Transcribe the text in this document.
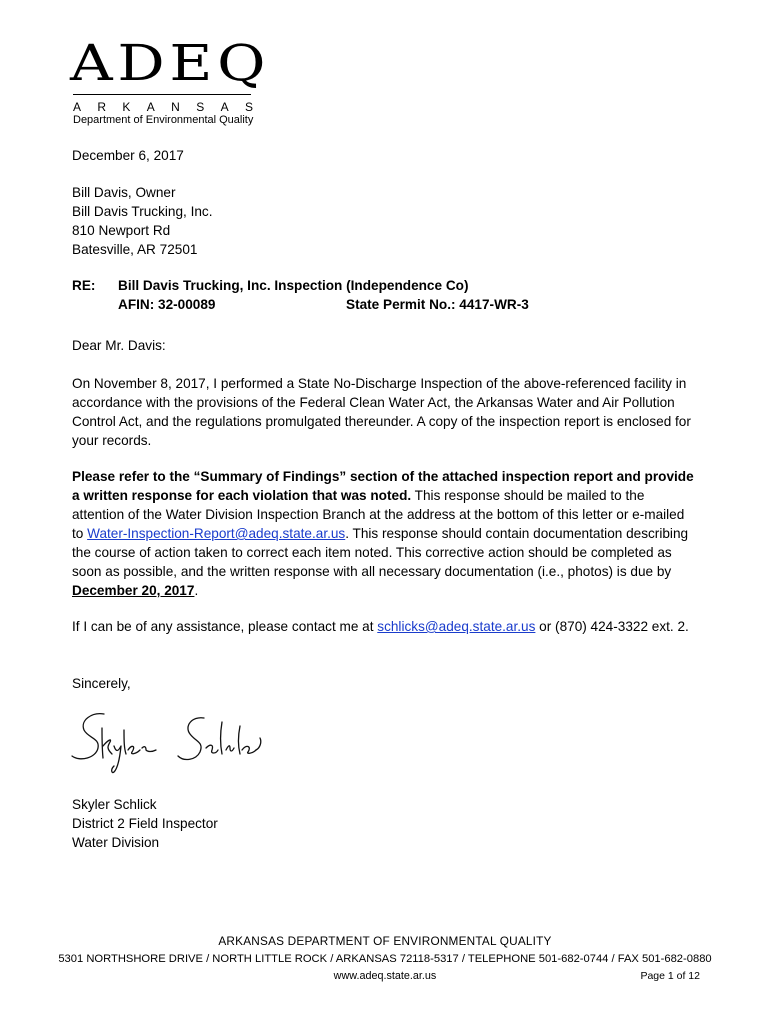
ADEQ
A R K A N S A S
Department of Environmental Quality
December 6, 2017
Bill Davis, Owner
Bill Davis Trucking, Inc.
810 Newport Rd
Batesville, AR 72501
RE: Bill Davis Trucking, Inc. Inspection (Independence Co)
AFIN: 32-00089	State Permit No.: 4417-WR-3
Dear Mr. Davis:
On November 8, 2017, I performed a State No-Discharge Inspection of the above-referenced facility in accordance with the provisions of the Federal Clean Water Act, the Arkansas Water and Air Pollution Control Act, and the regulations promulgated thereunder. A copy of the inspection report is enclosed for your records.
Please refer to the “Summary of Findings” section of the attached inspection report and provide a written response for each violation that was noted. This response should be mailed to the attention of the Water Division Inspection Branch at the address at the bottom of this letter or e-mailed to Water-Inspection-Report@adeq.state.ar.us. This response should contain documentation describing the course of action taken to correct each item noted. This corrective action should be completed as soon as possible, and the written response with all necessary documentation (i.e., photos) is due by December 20, 2017.
If I can be of any assistance, please contact me at schlicks@adeq.state.ar.us or (870) 424-3322 ext. 2.
Sincerely,
Skyler Schlick
District 2 Field Inspector
Water Division
ARKANSAS DEPARTMENT OF ENVIRONMENTAL QUALITY
5301 NORTHSHORE DRIVE / NORTH LITTLE ROCK / ARKANSAS 72118-5317 / TELEPHONE 501-682-0744 / FAX 501-682-0880
www.adeq.state.ar.us	Page 1 of 12
